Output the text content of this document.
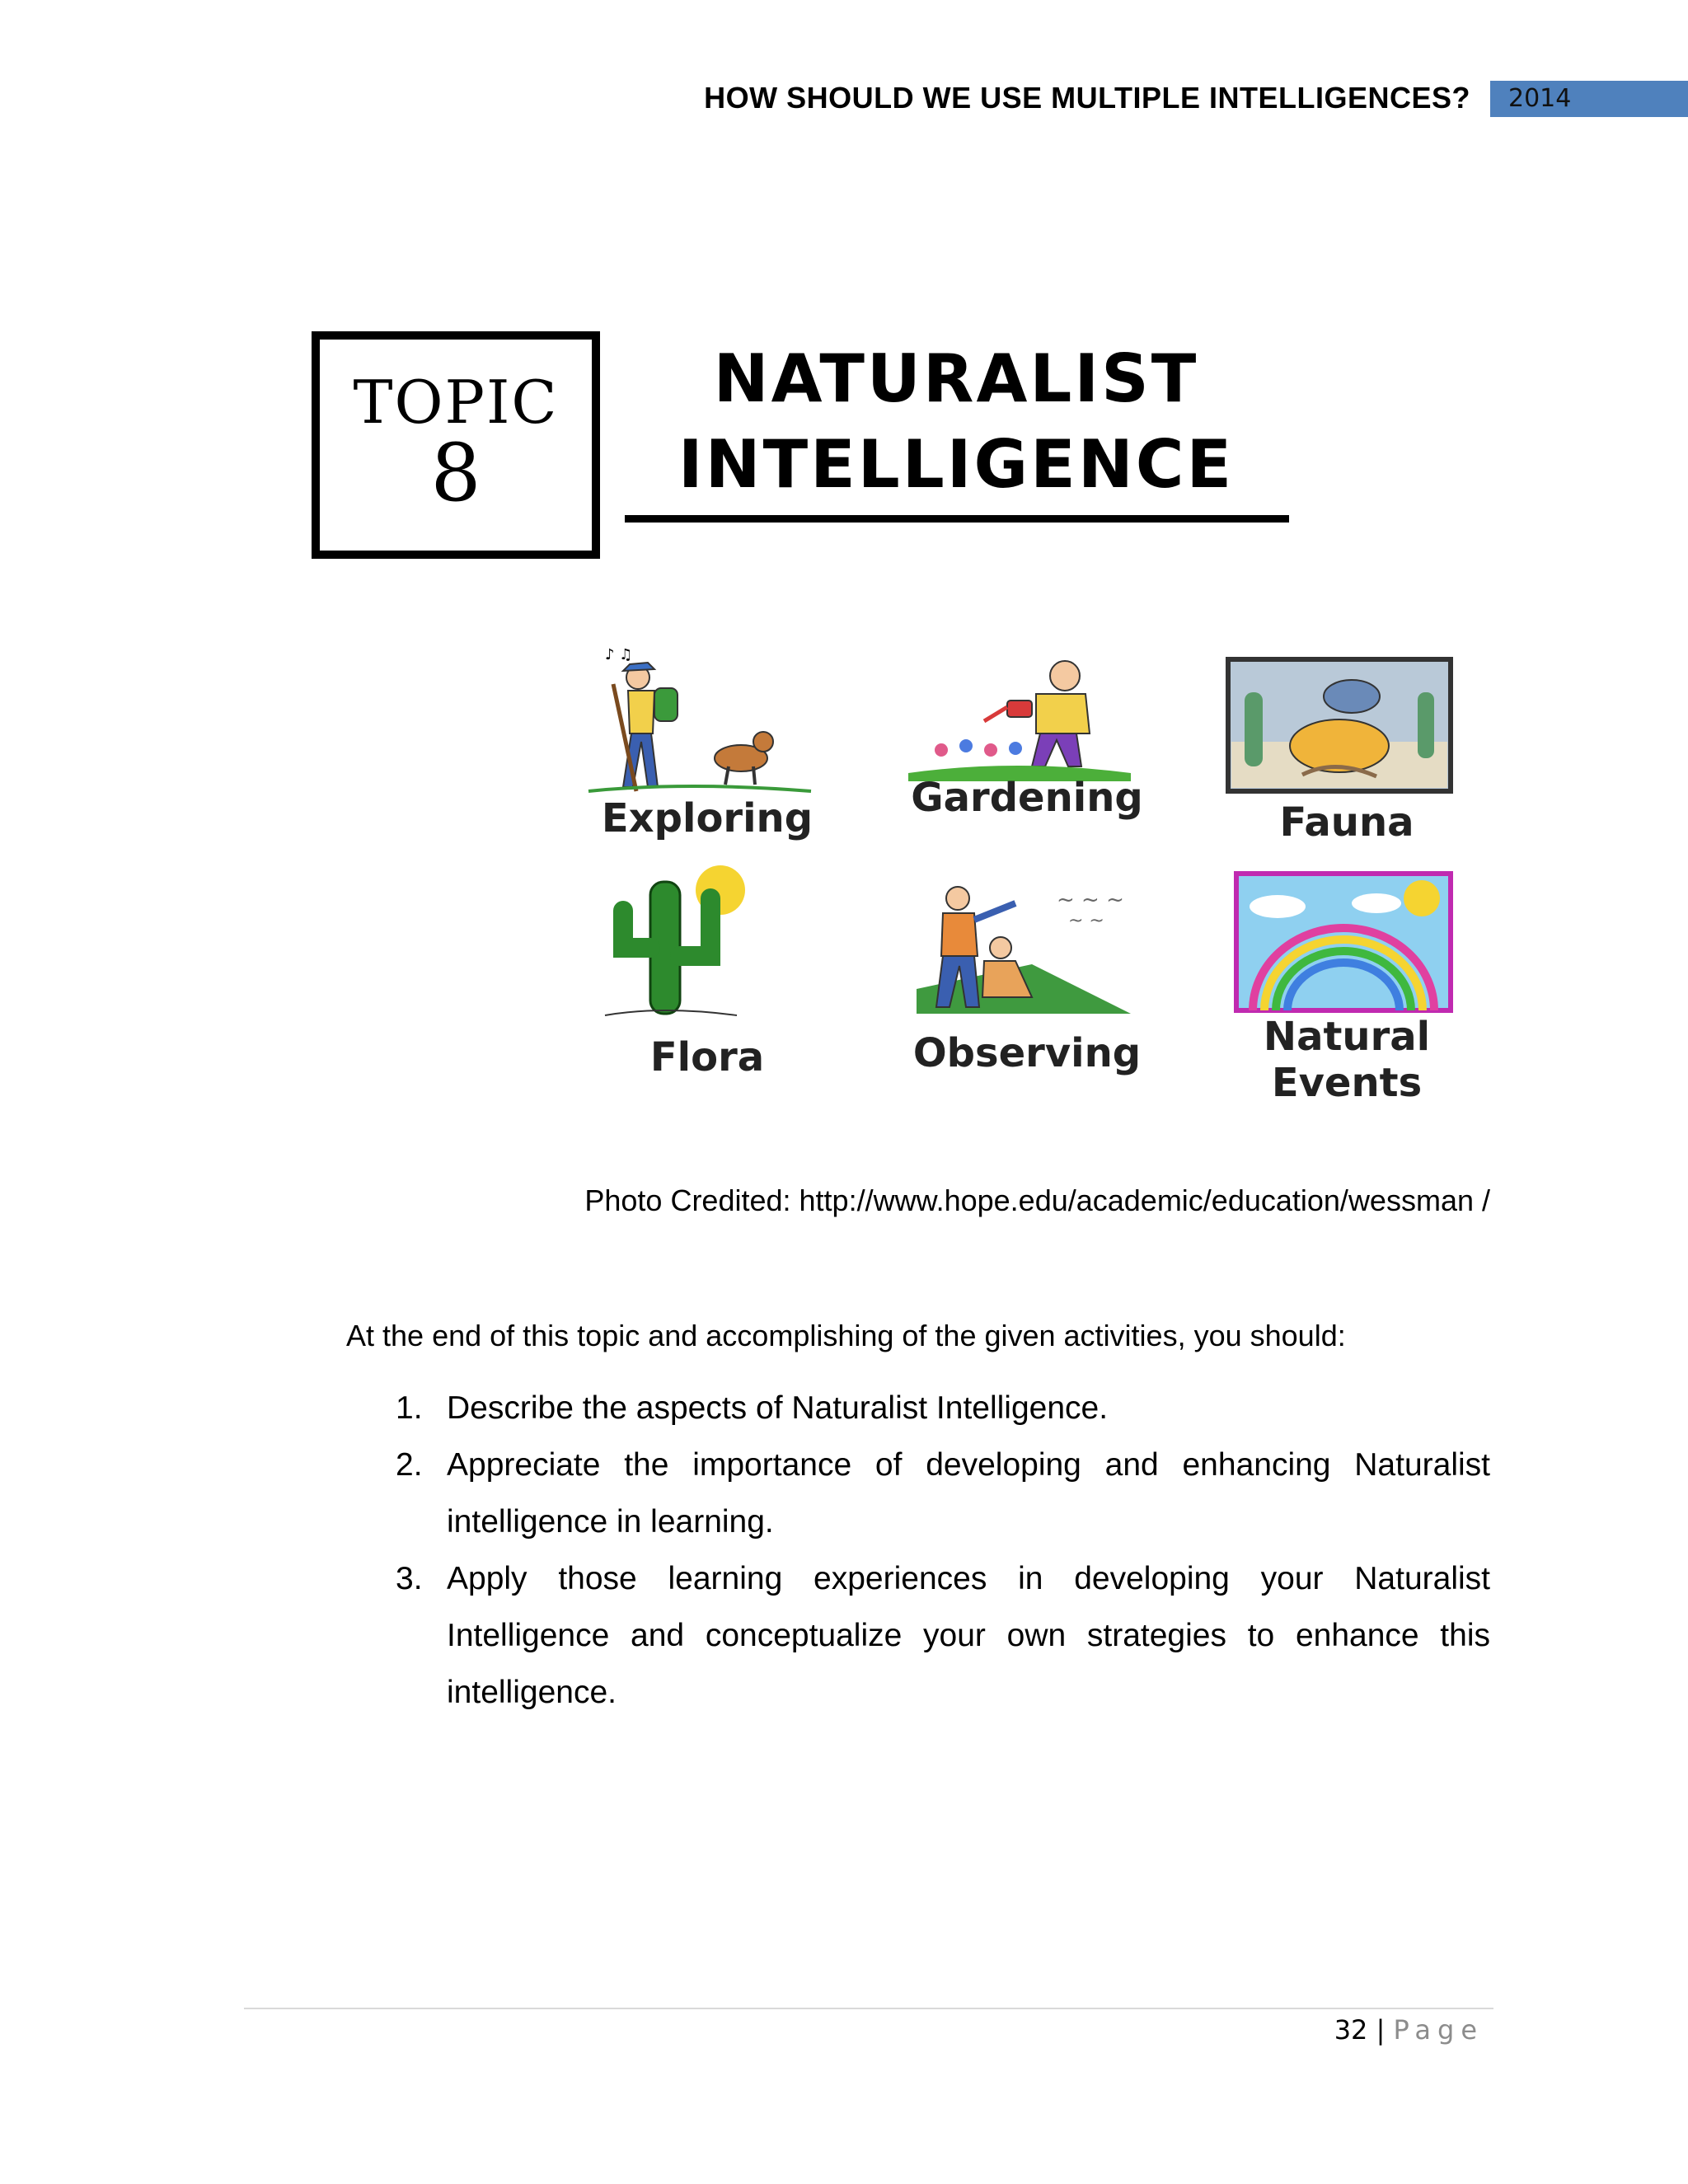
HOW SHOULD WE USE MULTIPLE INTELLIGENCES?	2014
TOPIC
8
NATURALIST
INTELLIGENCE
♪ ♫
Exploring	Gardening
Fauna
Flora
~ ~ ~
~ ~
Observing	Natural
Events
Photo Credited: http://www.hope.edu/academic/education/wessman /
At the end of this topic and accomplishing of the given activities, you should:
1. Describe the aspects of Naturalist Intelligence.
2. Appreciate the importance of developing and enhancing Naturalist intelligence in learning.
3. Apply those learning experiences in developing your Naturalist Intelligence and conceptualize your own strategies to enhance this intelligence.
32 | Page
